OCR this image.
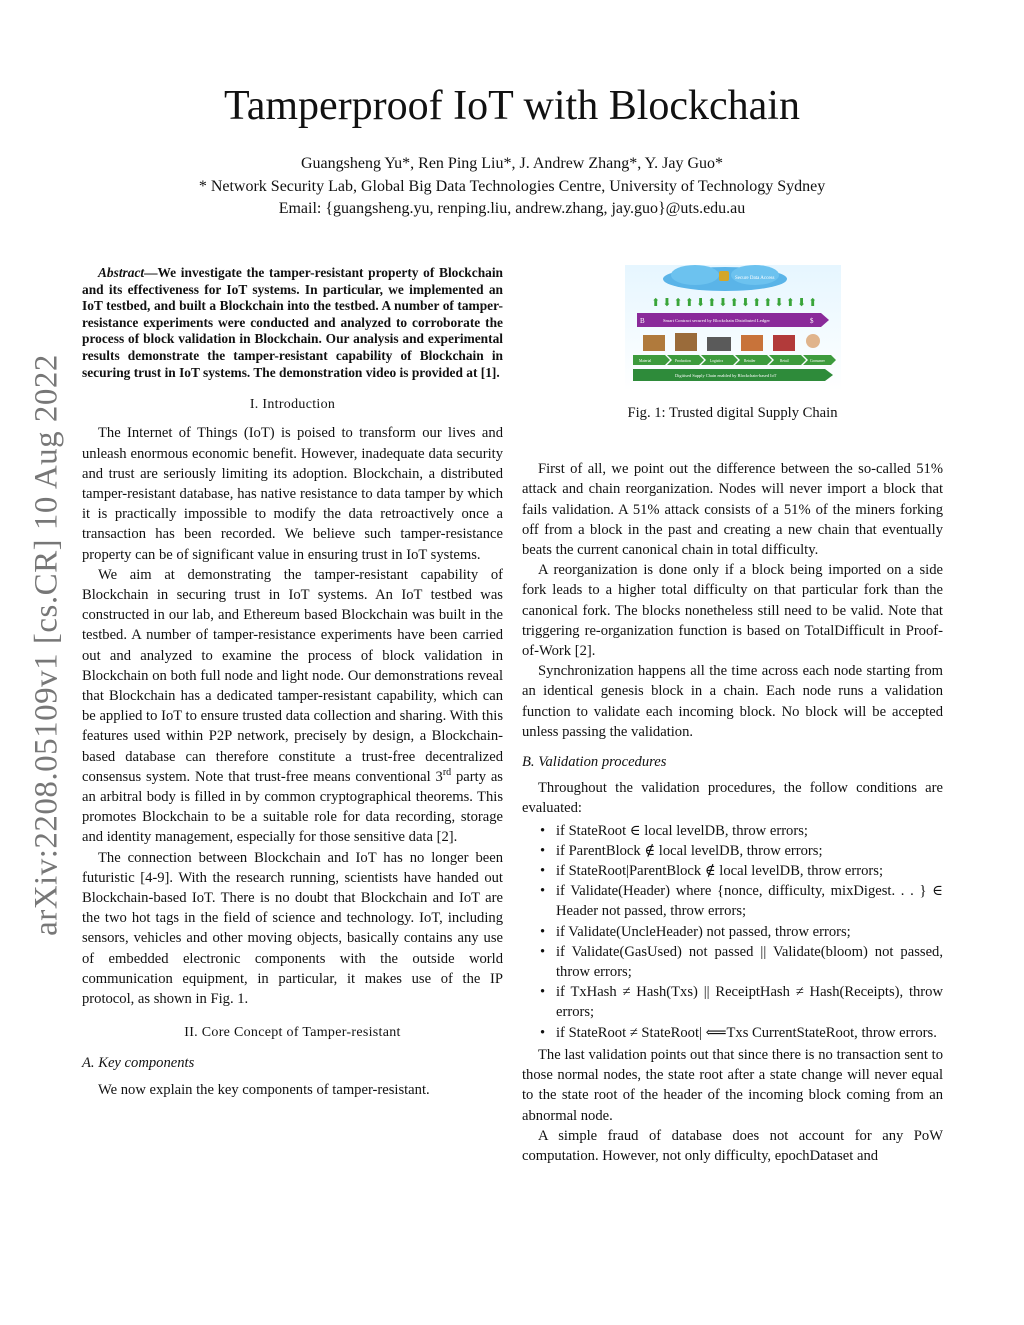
arXiv:2208.05109v1 [cs.CR] 10 Aug 2022
Tamperproof IoT with Blockchain
Guangsheng Yu*, Ren Ping Liu*, J. Andrew Zhang*, Y. Jay Guo*
* Network Security Lab, Global Big Data Technologies Centre, University of Technology Sydney
Email: {guangsheng.yu, renping.liu, andrew.zhang, jay.guo}@uts.edu.au

Abstract—We investigate the tamper-resistant property of Blockchain and its effectiveness for IoT systems. In particular, we implemented an IoT testbed, and built a Blockchain into the testbed. A number of tamper-resistance experiments were conducted and analyzed to corroborate the process of block validation in Blockchain. Our analysis and experimental results demonstrate the tamper-resistant capability of Blockchain in securing trust in IoT systems. The demonstration video is provided at [1].

I. Introduction

The Internet of Things (IoT) is poised to transform our lives and unleash enormous economic benefit. However, inadequate data security and trust are seriously limiting its adoption. Blockchain, a distributed tamper-resistant database, has native resistance to data tamper by which it is practically impossible to modify the data retroactively once a transaction has been recorded. We believe such tamper-resistance property can be of significant value in ensuring trust in IoT systems.

We aim at demonstrating the tamper-resistant capability of Blockchain in securing trust in IoT systems. An IoT testbed was constructed in our lab, and Ethereum based Blockchain was built in the testbed. A number of tamper-resistance experiments have been carried out and analyzed to examine the process of block validation in Blockchain on both full node and light node. Our demonstrations reveal that Blockchain has a dedicated tamper-resistant capability, which can be applied to IoT to ensure trusted data collection and sharing. With this features used within P2P network, precisely by design, a Blockchain-based database can therefore constitute a trust-free decentralized consensus system. Note that trust-free means conventional 3rd party as an arbitral body is filled in by common cryptographical theorems. This promotes Blockchain to be a suitable role for data recording, storage and identity management, especially for those sensitive data [2].

The connection between Blockchain and IoT has no longer been futuristic [4-9]. With the research running, scientists have handed out Blockchain-based IoT. There is no doubt that Blockchain and IoT are the two hot tags in the field of science and technology. IoT, including sensors, vehicles and other moving objects, basically contains any use of embedded electronic components with the outside world communication equipment, in particular, it makes use of the IP protocol, as shown in Fig. 1.

II. Core Concept of Tamper-resistant
A. Key components

We now explain the key components of tamper-resistant.

Secure Data Access
⬆⬇⬆⬆⬇⬆⬇⬆⬇⬆⬆⬇⬆⬇⬆
B	Smart Contract secured by Blockchain Distributed Ledger	$
Material	Production	Logistics	Retailer	Retail	Consumer
Digitised Supply Chain enabled by Blockchain-based IoT
Fig. 1: Trusted digital Supply Chain

First of all, we point out the difference between the so-called 51% attack and chain reorganization. Nodes will never import a block that fails validation. A 51% attack consists of a 51% of the miners forking off from a block in the past and creating a new chain that eventually beats the current canonical chain in total difficulty.

A reorganization is done only if a block being imported on a side fork leads to a higher total difficulty on that particular fork than the canonical fork. The blocks nonetheless still need to be valid. Note that triggering re-organization function is based on TotalDifficult in Proof-of-Work [2].

Synchronization happens all the time across each node starting from an identical genesis block in a chain. Each node runs a validation function to validate each incoming block. No block will be accepted unless passing the validation.

B. Validation procedures

Throughout the validation procedures, the follow conditions are evaluated:

• if StateRoot ∈ local levelDB, throw errors;
• if ParentBlock ∉ local levelDB, throw errors;
• if StateRoot|ParentBlock ∉ local levelDB, throw errors;
• if Validate(Header) where {nonce, difficulty, mixDigest. . . } ∈ Header not passed, throw errors;
• if Validate(UncleHeader) not passed, throw errors;
• if Validate(GasUsed) not passed || Validate(bloom) not passed, throw errors;
• if TxHash ≠ Hash(Txs) || ReceiptHash ≠ Hash(Receipts), throw errors;
• if StateRoot ≠ StateRoot| ⟸Txs CurrentStateRoot, throw errors.

The last validation points out that since there is no transaction sent to those normal nodes, the state root after a state change will never equal to the state root of the header of the incoming block coming from an abnormal node.

A simple fraud of database does not account for any PoW computation. However, not only difficulty, epochDataset and
